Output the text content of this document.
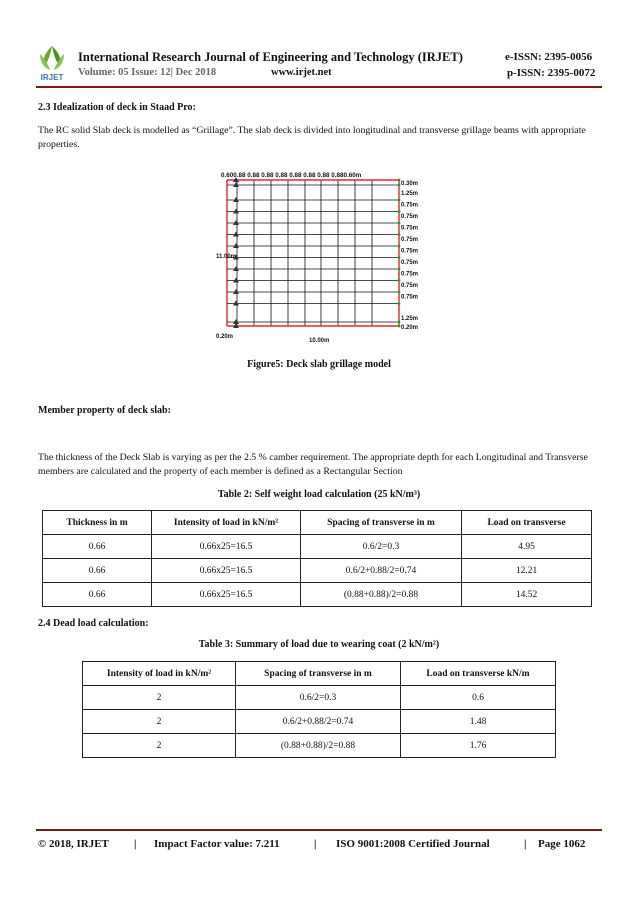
IRJET
International Research Journal of Engineering and Technology (IRJET)	e-ISSN: 2395-0056
Volume: 05 Issue: 12| Dec 2018	www.irjet.net	p-ISSN: 2395-0072
2.3 Idealization of deck in Staad Pro:
The RC solid Slab deck is modelled as “Grillage”. The slab deck is divided into longitudinal and transverse grillage beams with appropriate properties.
0.600.88 0.88 0.88 0.88 0.88 0.88 0.88 0.880.60m
11.00m
10.00m
0.20m
0.30m
1.25m
0.75m
0.75m
0.75m
0.75m
0.75m
0.75m
0.75m
0.75m
0.75m
1.25m
0.20m
Figure5: Deck slab grillage model
Member property of deck slab:
The thickness of the Deck Slab is varying as per the 2.5 % camber requirement. The appropriate depth for each Longitudinal and Transverse members are calculated and the property of each member is defined as a Rectangular Section
Table 2: Self weight load calculation (25 kN/m³)
Thickness in m	Intensity of load in kN/m²	Spacing of transverse in m	Load on transverse
0.66	0.66x25=16.5	0.6/2=0.3	4.95
0.66	0.66x25=16.5	0.6/2+0.88/2=0.74	12.21
0.66	0.66x25=16.5	(0.88+0.88)/2=0.88	14.52
2.4 Dead load calculation:
Table 3: Summary of load due to wearing coat (2 kN/m²)
Intensity of load in kN/m²	Spacing of transverse in m	Load on transverse kN/m
2	0.6/2=0.3	0.6
2	0.6/2+0.88/2=0.74	1.48
2	(0.88+0.88)/2=0.88	1.76
© 2018, IRJET | Impact Factor value: 7.211	| ISO 9001:2008 Certified Journal	| Page 1062
